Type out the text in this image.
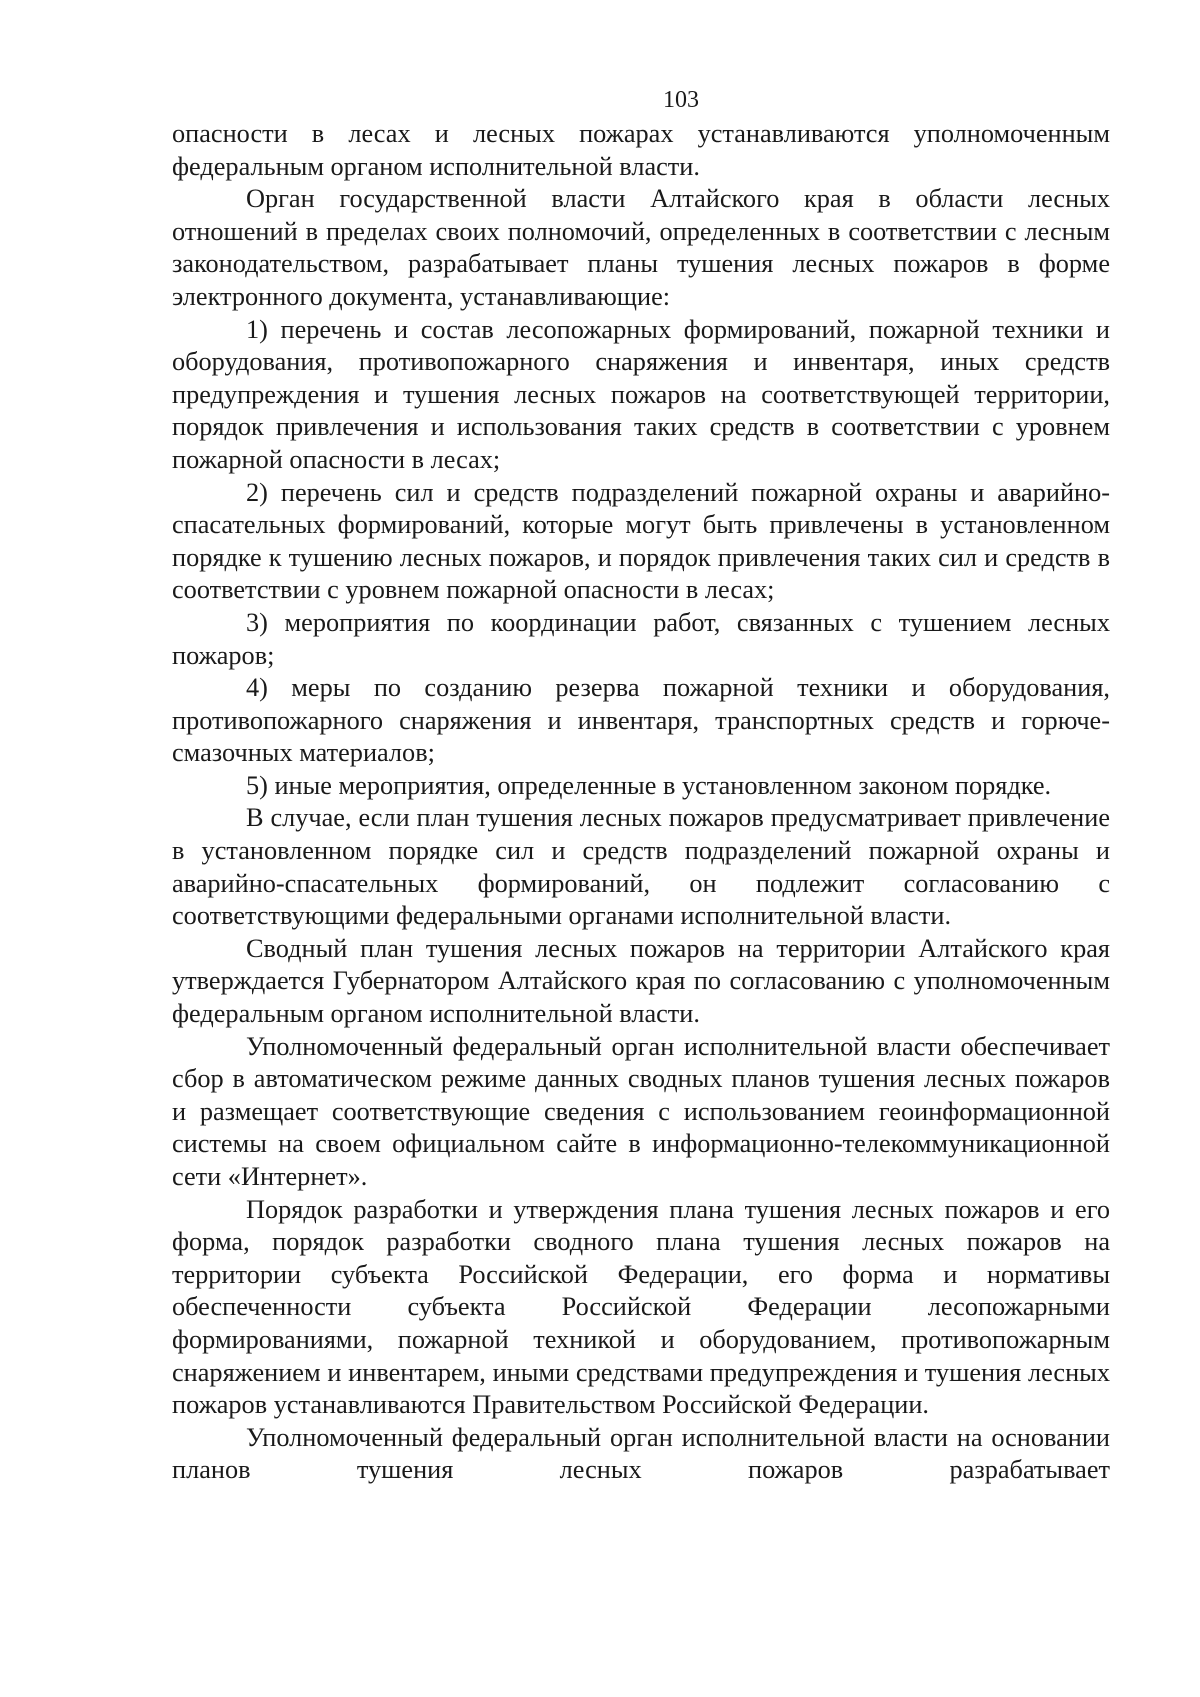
103

опасности в лесах и лесных пожарах устанавливаются уполномоченным федеральным органом исполнительной власти.

Орган государственной власти Алтайского края в области лесных отношений в пределах своих полномочий, определенных в соответствии с лесным законодательством, разрабатывает планы тушения лесных пожаров в форме электронного документа, устанавливающие:

1) перечень и состав лесопожарных формирований, пожарной техники и оборудования, противопожарного снаряжения и инвентаря, иных средств предупреждения и тушения лесных пожаров на соответствующей территории, порядок привлечения и использования таких средств в соответствии с уровнем пожарной опасности в лесах;

2) перечень сил и средств подразделений пожарной охраны и аварийно-спасательных формирований, которые могут быть привлечены в установленном порядке к тушению лесных пожаров, и порядок привлечения таких сил и средств в соответствии с уровнем пожарной опасности в лесах;

3) мероприятия по координации работ, связанных с тушением лесных пожаров;

4) меры по созданию резерва пожарной техники и оборудования, противопожарного снаряжения и инвентаря, транспортных средств и горюче-смазочных материалов;

5) иные мероприятия, определенные в установленном законом порядке.

В случае, если план тушения лесных пожаров предусматривает привлечение в установленном порядке сил и средств подразделений пожарной охраны и аварийно-спасательных формирований, он подлежит согласованию с соответствующими федеральными органами исполнительной власти.

Сводный план тушения лесных пожаров на территории Алтайского края утверждается Губернатором Алтайского края по согласованию с уполномоченным федеральным органом исполнительной власти.

Уполномоченный федеральный орган исполнительной власти обеспечивает сбор в автоматическом режиме данных сводных планов тушения лесных пожаров и размещает соответствующие сведения с использованием геоинформационной системы на своем официальном сайте в информационно-телекоммуникационной сети «Интернет».

Порядок разработки и утверждения плана тушения лесных пожаров и его форма, порядок разработки сводного плана тушения лесных пожаров на территории субъекта Российской Федерации, его форма и нормативы обеспеченности субъекта Российской Федерации лесопожарными формированиями, пожарной техникой и оборудованием, противопожарным снаряжением и инвентарем, иными средствами предупреждения и тушения лесных пожаров устанавливаются Правительством Российской Федерации.

Уполномоченный федеральный орган исполнительной власти на основании планов тушения лесных пожаров разрабатывает
